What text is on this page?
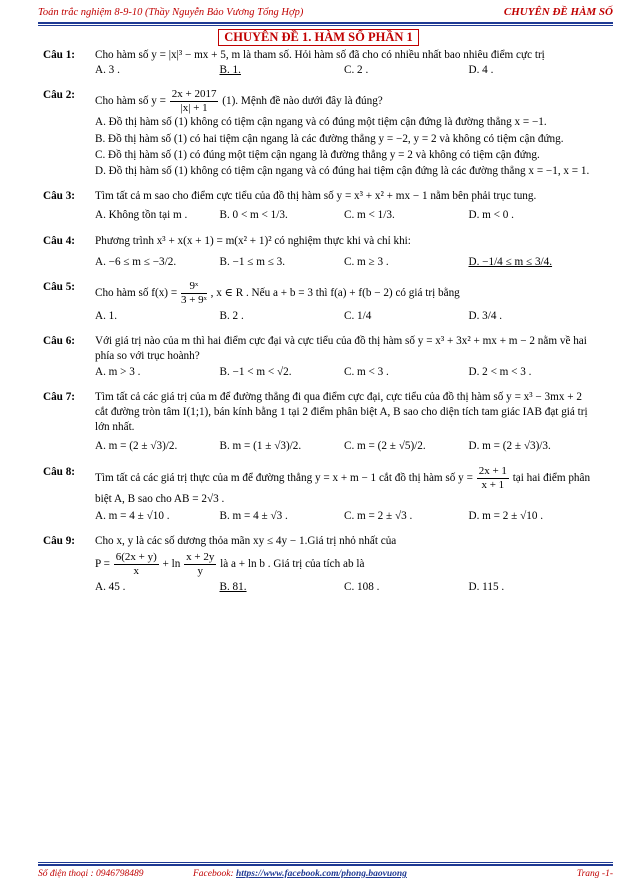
Toán trắc nghiệm 8-9-10 (Thầy Nguyễn Bảo Vương Tổng Hợp)	CHUYÊN ĐỀ HÀM SỐ
CHUYÊN ĐỀ 1. HÀM SỐ PHẦN 1
Câu 1: Cho hàm số y = |x|³ − mx + 5, m là tham số. Hỏi hàm số đã cho có nhiều nhất bao nhiêu điểm cực trị
A. 3 .	B. 1.	C. 2 .	D. 4 .
Câu 2:
Cho hàm số $y = \frac{2x + 2017}{|x| + 1} (1)$. Mệnh đề nào dưới đây là đúng?
A. Đồ thị hàm số (1) không có tiệm cận ngang và có đúng một tiệm cận đứng là đường thẳng x = −1.
B. Đồ thị hàm số (1) có hai tiệm cận ngang là các đường thẳng y = −2, y = 2 và không có tiệm cận đứng.
C. Đồ thị hàm số (1) có đúng một tiệm cận ngang là đường thẳng y = 2 và không có tiệm cận đứng.
D. Đồ thị hàm số (1) không có tiệm cận ngang và có đúng hai tiệm cận đứng là các đường thẳng x = −1, x = 1.
Câu 3: Tìm tất cả m sao cho điểm cực tiểu của đồ thị hàm số y = x³ + x² + mx − 1 nằm bên phải trục tung.
A. Không tồn tại m .	B. 0 < m < 1/3.	C. m < 1/3.	D. m < 0 .
Câu 4: Phương trình x³ + x(x + 1) = m(x² + 1)² có nghiệm thực khi và chỉ khi:
A. −6 ≤ m ≤ −3/2.	B. −1 ≤ m ≤ 3.	C. m ≥ 3 .	D. −1/4 ≤ m ≤ 3/4.
Câu 5:
Cho hàm số $f(x) = \frac{\text{9ˣ}}{\text{3 + 9ˣ}}$ , x ∈ R . Nếu a + b = 3 thì f(a) + f(b − 2) có giá trị bằng
A. 1.	B. 2 .	C. 1/4	D. 3/4 .
Câu 6: Với giá trị nào của m thì hai điểm cực đại và cực tiểu của đồ thị hàm số y = x³ + 3x² + mx + m − 2 nằm về hai phía so với trục hoành?
A. m > 3 .	B. −1 < m < √2.	C. m < 3 .	D. 2 < m < 3 .
Câu 7: Tìm tất cả các giá trị của m để đường thẳng đi qua điểm cực đại, cực tiểu của đồ thị hàm số y = x³ − 3mx + 2 cắt đường tròn tâm I(1;1), bán kính bằng 1 tại 2 điểm phân biệt A, B sao cho diện tích tam giác IAB đạt giá trị lớn nhất.
A. m = (2 ± √3)/2.	B. m = (1 ± √3)/2.	C. m = (2 ± √5)/2.	D. m = (2 ± √3)/3.
Câu 8:
Tìm tất cả các giá trị thực của m để đường thẳng y = x + m − 1 cắt đồ thị hàm số $y = \frac{2x + 1}{x + 1}$ tại hai điểm phân biệt A, B sao cho AB = 2√3 .
A. m = 4 ± √10 .	B. m = 4 ± √3 .	C. m = 2 ± √3 .	D. m = 2 ± √10 .
Câu 9: Cho x, y là các số dương thỏa mãn xy ≤ 4y − 1.Giá trị nhỏ nhất của
$P = \frac{6(2x + y)}{x} + \ln \frac{x + 2y}{y}$ là a + ln b . Giá trị của tích ab là
A. 45 .	B. 81.	C. 108 .	D. 115 .
Số điện thoại : 0946798489	Facebook: https://www.facebook.com/phong.baovuong	Trang -1-
